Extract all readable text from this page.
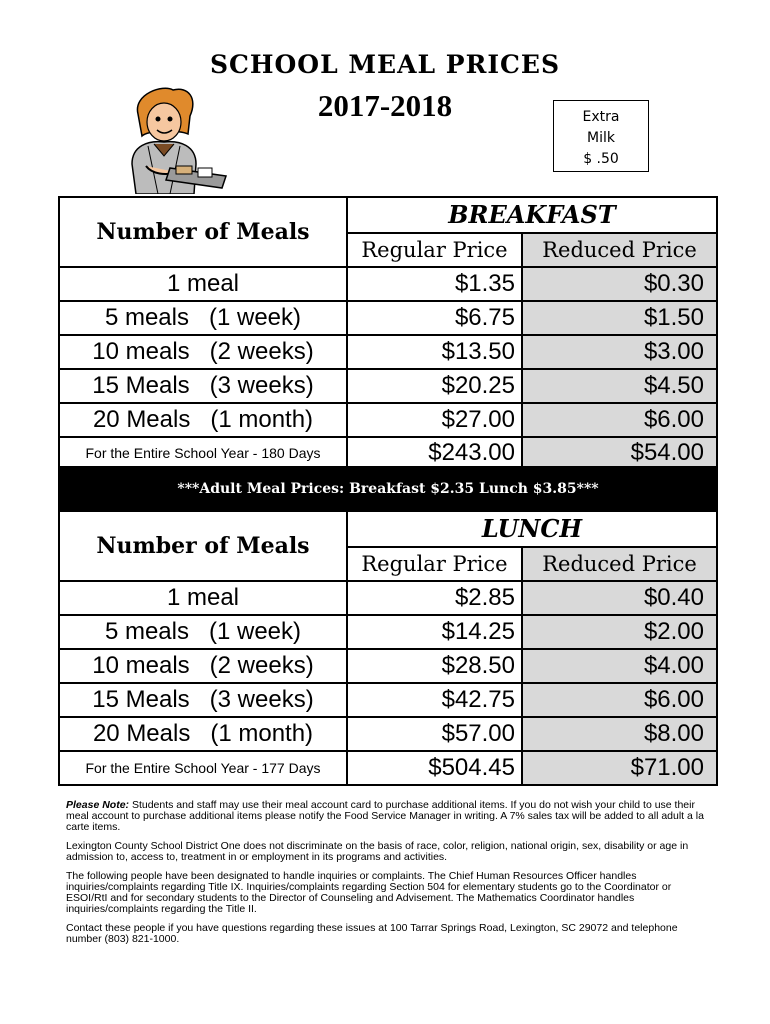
SCHOOL MEAL PRICES
2017-2018	Extra
Milk
$ .50
Number of Meals
BREAKFAST
Regular Price	Reduced Price
1 meal	$1.35	$0.30
5 meals   (1 week)	$6.75	$1.50
10 meals   (2 weeks)	$13.50	$3.00
15 Meals   (3 weeks)	$20.25	$4.50
20 Meals   (1 month)	$27.00	$6.00
For the Entire School Year - 180 Days	$243.00	$54.00
***Adult Meal Prices: Breakfast $2.35 Lunch $3.85***
Number of Meals
LUNCH
Regular Price	Reduced Price
1 meal	$2.85	$0.40
5 meals   (1 week)	$14.25	$2.00
10 meals   (2 weeks)	$28.50	$4.00
15 Meals   (3 weeks)	$42.75	$6.00
20 Meals   (1 month)	$57.00	$8.00
For the Entire School Year - 177 Days	$504.45	$71.00

Please Note: Students and staff may use their meal account card to purchase additional items. If you do not wish your child to use their meal account to purchase additional items please notify the Food Service Manager in writing. A 7% sales tax will be added to all adult a la carte items.

Lexington County School District One does not discriminate on the basis of race, color, religion, national origin, sex, disability or age in admission to, access to, treatment in or employment in its programs and activities.

The following people have been designated to handle inquiries or complaints. The Chief Human Resources Officer handles inquiries/complaints regarding Title IX. Inquiries/complaints regarding Section 504 for elementary students go to the Coordinator or ESOI/RtI and for secondary students to the Director of Counseling and Advisement. The Mathematics Coordinator handles inquiries/complaints regarding the Title II.

Contact these people if you have questions regarding these issues at 100 Tarrar Springs Road, Lexington, SC 29072 and telephone number (803) 821-1000.
